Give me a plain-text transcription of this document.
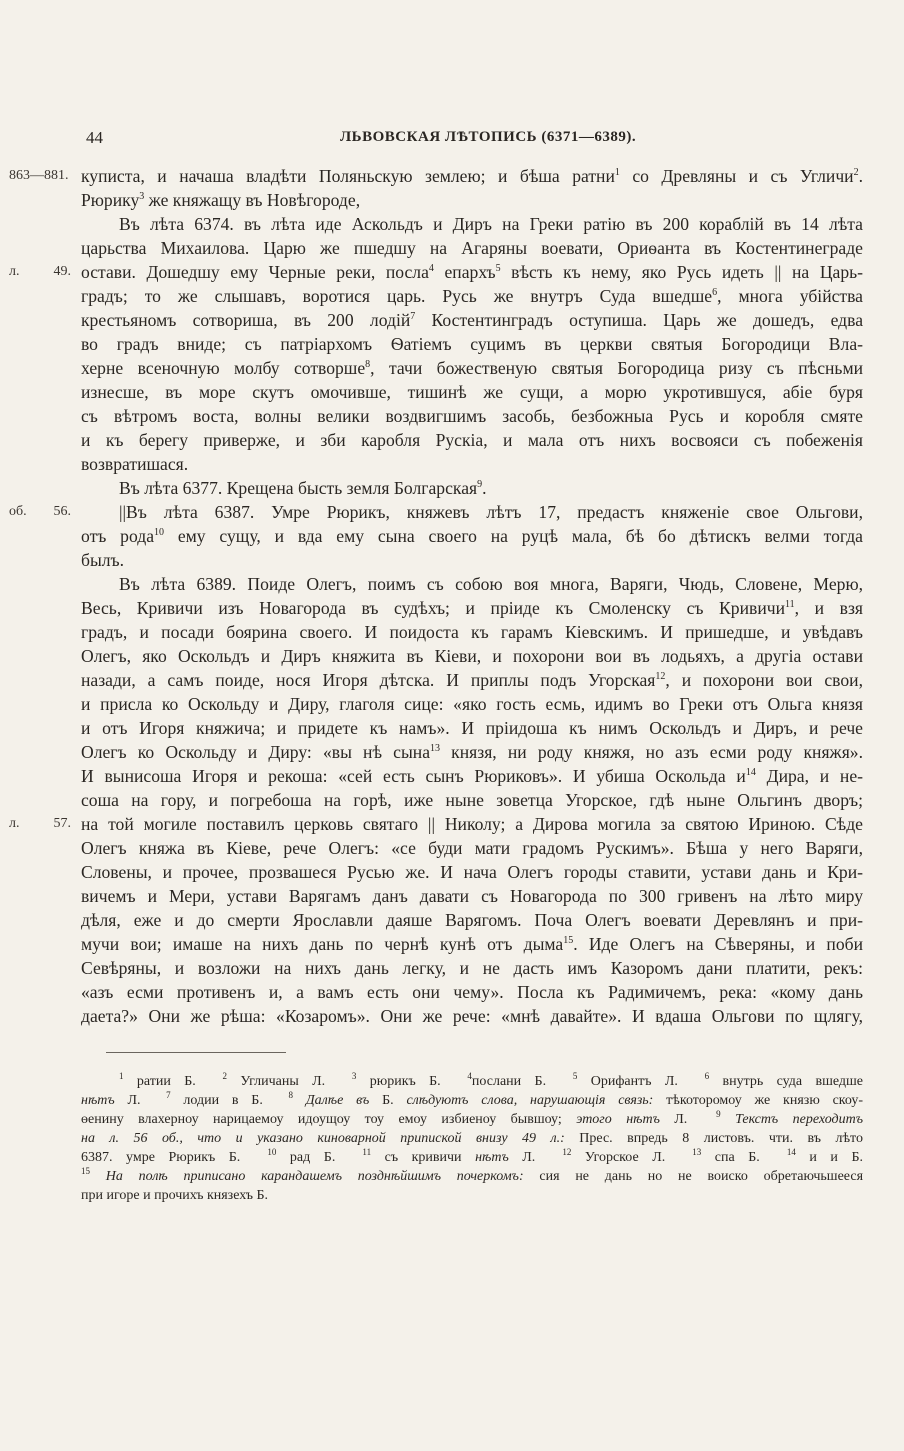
44	ЛЬВОВСКАЯ ЛѢТОПИСЬ (6371—6389).
863—881. куписта, и начаша владѣти Поляньскую землею; и бѣша ратни$^1$ со Древляны и съ Угличи$^2$.
Рюрику$^3$ же княжащу въ Новѣгороде,
Въ лѣта 6374. въ лѣта иде Аскольдъ и Диръ на Греки ратію въ 200 кораблій въ 14 лѣта
царьства Михаилова. Царю же пшедшу на Агаряны воевати, Ориѳанта въ Костентинеграде
л. 49. остави. Дошедшу ему Черные реки, посла$^4$ епархъ$^5$ вѣсть къ нему, яко Русь идеть || на Царь-
градъ; то же слышавъ, воротися царь. Русь же внутръ Суда вшедше$^6$, многа убійства
крестьяномъ сотвориша, въ 200 лодій$^7$ Костентинградъ оступиша. Царь же дошедъ, едва
во градъ вниде; съ патріархомъ Ѳатіемъ суцимъ въ церкви святыя Богородици Вла-
херне всеночную молбу сотворше$^8$, тачи божественую святыя Богородица ризу съ пѣсньми
изнесше, въ море скутъ омочивше, тишинѣ же сущи, а морю укротившуся, абіе буря
съ вѣтромъ воста, волны велики воздвигшимъ засобь, безбожныа Русь и коробля смяте
и къ берегу приверже, и зби каробля Рускіа, и мала отъ нихъ восвояси съ побеженія
возвратишася.
Въ лѣта 6377. Крещена бысть земля Болгарская$^9$.
об. 56.	||Въ лѣта 6387. Умре Рюрикъ, княжевъ лѣтъ 17, предастъ княженіе свое Ольгови,
отъ рода$^{10}$ ему сущу, и вда ему сына своего на руцѣ мала, бѣ бо дѣтискъ велми тогда
былъ.
Въ лѣта 6389. Поиде Олегъ, поимъ съ собою воя многа, Варяги, Чюдь, Словене, Мерю,
Весь, Кривичи изъ Новагорода въ судѣхъ; и пріиде къ Смоленску съ Кривичи$^{11}$, и взя
градъ, и посади боярина своего. И поидоста къ гарамъ Кіевскимъ. И пришедше, и увѣдавъ
Олегъ, яко Оскольдъ и Диръ княжита въ Кіеви, и похорони вои въ лодьяхъ, а другіа остави
назади, а самъ поиде, нося Игоря дѣтска. И приплы подъ Угорская$^{12}$, и похорони вои свои,
и присла ко Оскольду и Диру, глаголя сице: «яко гость есмь, идимъ во Греки отъ Ольга князя
и отъ Игоря княжича; и придете къ намъ». И пріидоша къ нимъ Оскольдъ и Диръ, и рече
Олегъ ко Оскольду и Диру: «вы нѣ сына$^{13}$ князя, ни роду княжя, но азъ есми роду княжя».
И вынисоша Игоря и рекоша: «сей есть сынъ Рюриковъ». И убиша Оскольда $и^{14}$ Дира, и не-
соша на гору, и погребоша на горѣ, иже ныне зоветца Угорское, гдѣ ныне Ольгинъ дворъ;
л. 57. на той могиле поставилъ церковь святаго || Николу; а Дирова могила за святою Ириною. Сѣде
Олегъ княжа въ Кіеве, рече Олегъ: «се буди мати градомъ Рускимъ». Бѣша у него Варяги,
Словены, и прочее, прозвашеся Русью же. И нача Олегъ городы ставити, устави дань и Кри-
вичемъ и Мери, устави Варягамъ данъ давати съ Новагорода по 300 гривенъ на лѣто миру
дѣля, еже и до смерти Ярославли даяше Варягомъ. Поча Олегъ воевати Деревлянъ и при-
мучи вои; имаше на нихъ дань по чернѣ кунѣ отъ дыма$^{15}$. Иде Олегъ на Сѣверяны, и поби
Севѣряны, и возложи на нихъ дань легку, и не дасть имъ Казоромъ дани платити, рекъ:
«азъ есми противенъ и, а вамъ есть они чему». Посла къ Радимичемъ, река: «кому дань
даета?» Они же рѣша: «Козаромъ». Они же рече: «мнѣ давайте». И вдаша Ольгови по щлягу,
$^1$ ратии Б.  $^2$ Угличаны Л.  $^3$ рюрикъ Б.  $^4$послани Б.  $^5$ Орифантъ Л.  $^6$ внутрь суда вшедше
нѣтъ Л.  $^7$ лодии в Б.  $^8$ Далѣе въ Б. слѣдуютъ слова, нарушающія связь: тѣкоторомоу же князю скоу-
ѳенину влахерноу нарицаемоу идоущоу тоу емоу избиеноу бывшоу; этого нѣтъ Л.  $^9$ Текстъ переходитъ
на л. 56 об., что и указано киноварной припиской внизу 49 л.: Прес. впредь 8 листовъ. чти. въ лѣто
6387. умре Рюрикъ Б.  $^{10}$ рад Б.  $^{11}$ съ кривичи нѣтъ Л.  $^{12}$ Угорское Л.  $^{13}$ спа Б.  $^{14}$ и и Б.
$^{15}$ На полѣ приписано карандашемъ позднѣйшимъ почеркомъ: сия не дань но не воиско обретаючьшееся
при игоре и прочихъ князехъ Б.
